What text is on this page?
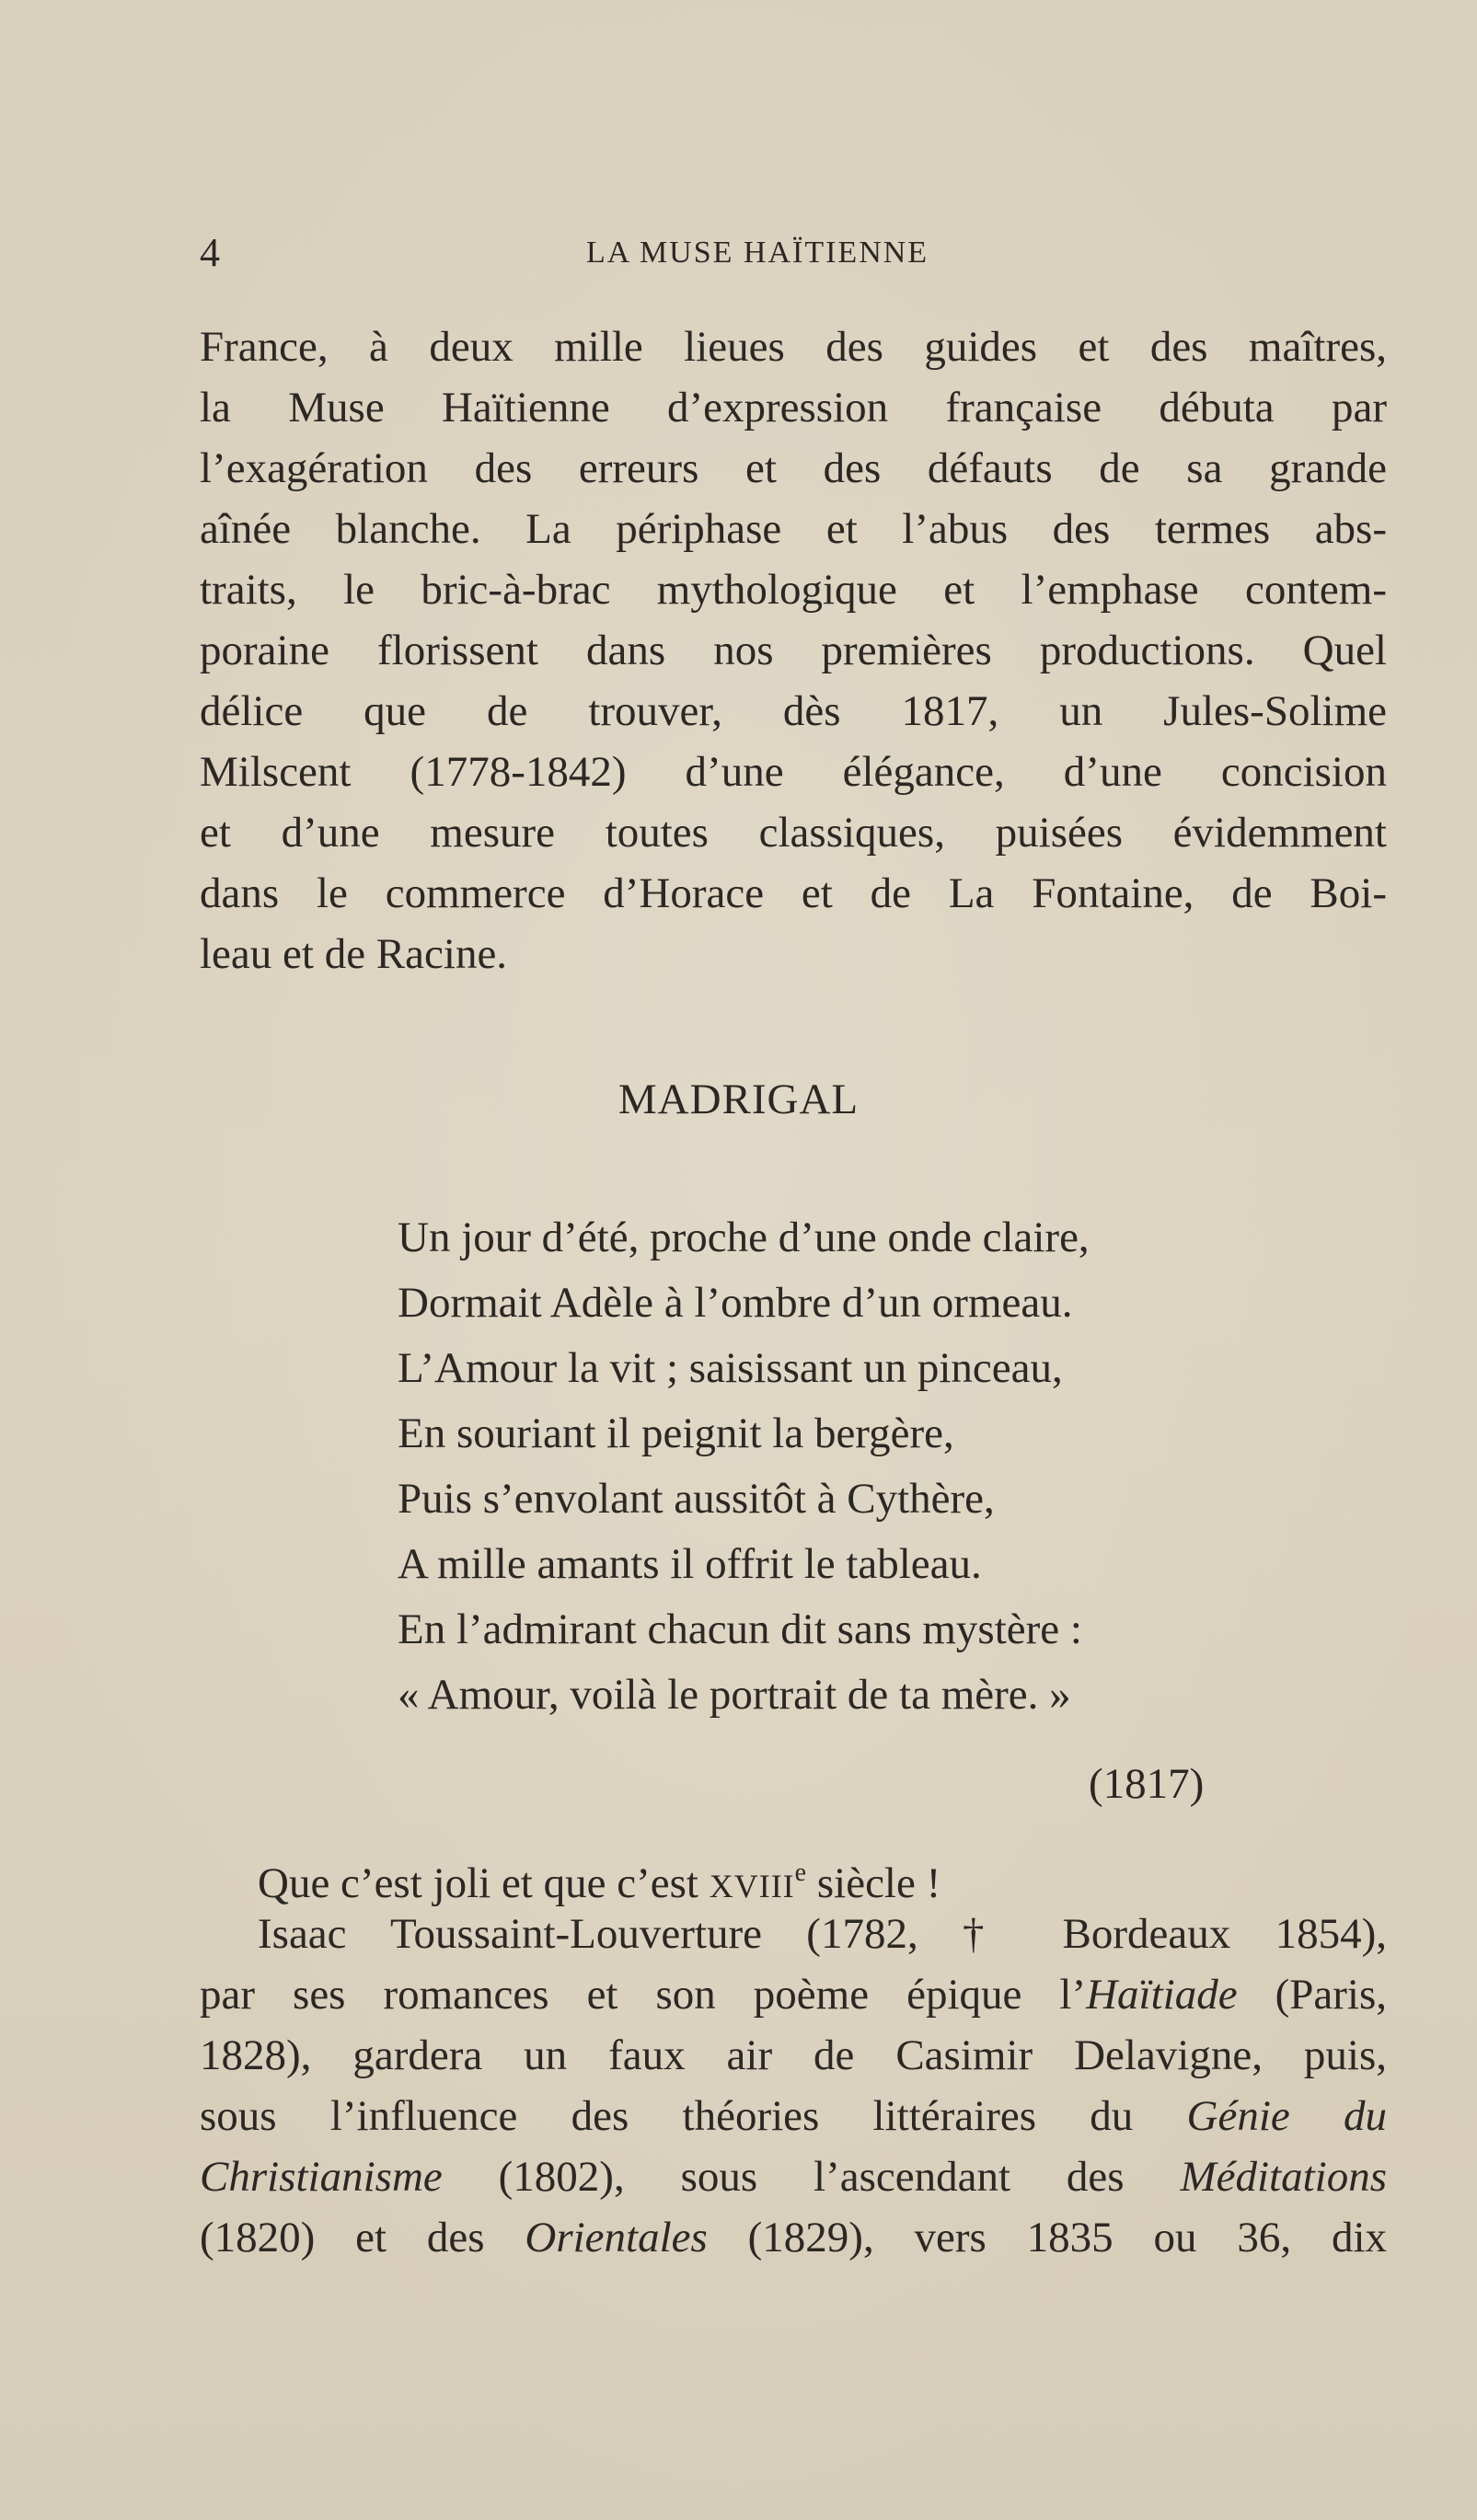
4	LA MUSE HAÏTIENNE
France, à deux mille lieues des guides et des maîtres,
la Muse Haïtienne d’expression française débuta par
l’exagération des erreurs et des défauts de sa grande
aînée blanche. La périphase et l’abus des termes abs-
traits, le bric-à-brac mythologique et l’emphase contem-
poraine florissent dans nos premières productions. Quel
délice que de trouver, dès 1817, un Jules-Solime
Milscent (1778-1842) d’une élégance, d’une concision
et d’une mesure toutes classiques, puisées évidemment
dans le commerce d’Horace et de La Fontaine, de Boi-
leau et de Racine.
MADRIGAL
Un jour d’été, proche d’une onde claire,
Dormait Adèle à l’ombre d’un ormeau.
L’Amour la vit ; saisissant un pinceau,
En souriant il peignit la bergère,
Puis s’envolant aussitôt à Cythère,
A mille amants il offrit le tableau.
En l’admirant chacun dit sans mystère :
« Amour, voilà le portrait de ta mère. »
(1817)
Que c’est joli et que c’est XVIIIe siècle !
Isaac Toussaint-Louverture (1782, † Bordeaux 1854),
par ses romances et son poème épique l’Haïtiade (Paris,
1828), gardera un faux air de Casimir Delavigne, puis,
sous l’influence des théories littéraires du Génie du
Christianisme (1802), sous l’ascendant des Méditations
(1820) et des Orientales (1829), vers 1835 ou 36, dix
